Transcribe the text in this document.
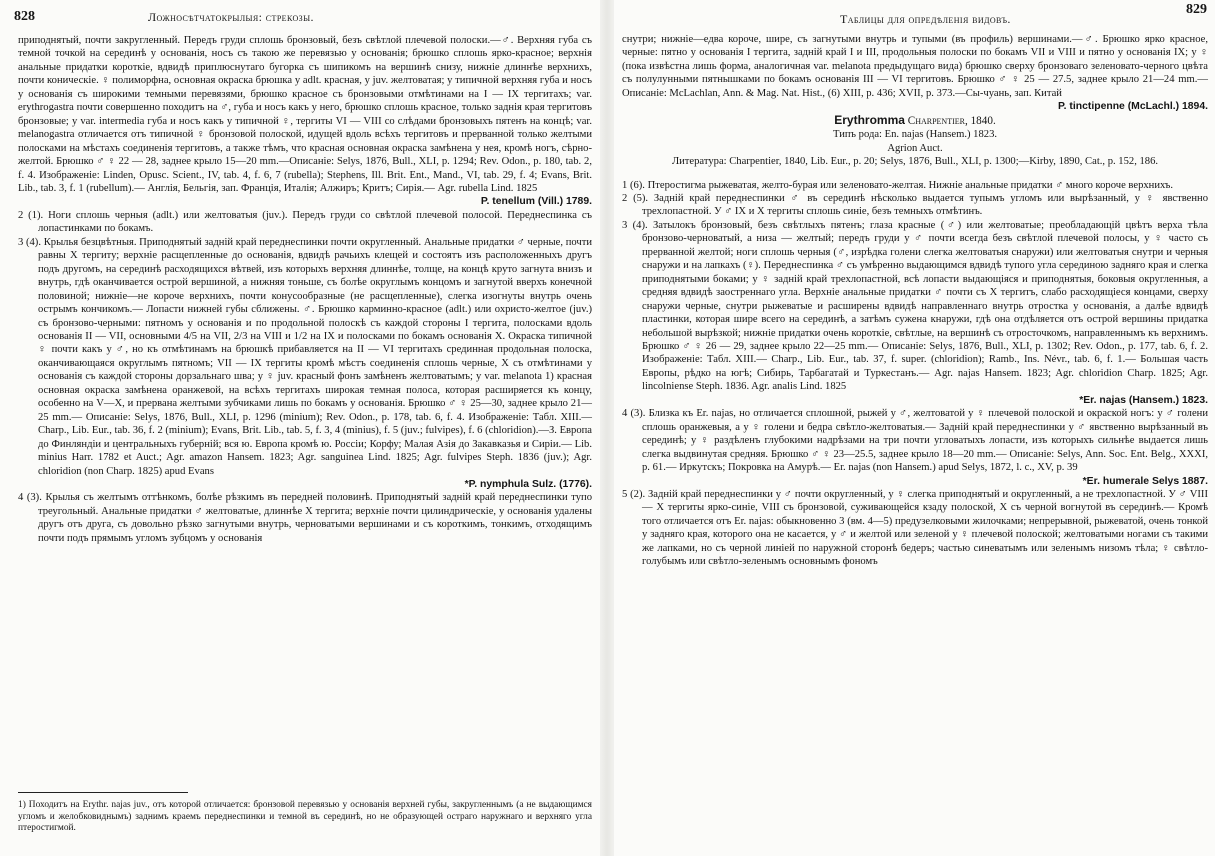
828	Ложносѣтчатокрылыя: стрекозы.

приподнятый, почти закругленный. Передъ груди сплошь бронзовый, безъ свѣтлой плечевой полоски.—♂. Верхняя губа съ темной точкой на серединѣ у основанія, носъ съ такою же перевязью у основанія; брюшко сплошь ярко-красное; верхнія анальные придатки короткіе, вдвидѣ приплюснутаго бугорка съ шипикомъ на вершинѣ снизу, нижніе длиннѣе верхнихъ, почти коническіе. ♀ полиморфна, основная окраска брюшка у adlt. красная, у juv. желтоватая; у типичной верхняя губа и носъ у основанія съ широкими темными перевязями, брюшко красное съ бронзовыми отмѣтинами на I — IX тергитахъ; var. erythrogastra почти совершенно походитъ на ♂, губа и носъ какъ у него, брюшко сплошь красное, только заднія края тергитовъ бронзовые; у var. intermedia губа и носъ какъ у типичной ♀, тергиты VI — VIII со слѣдами бронзовыхъ пятенъ на концѣ; var. melanogastra отличается отъ типичной ♀ бронзовой полоской, идущей вдоль всѣхъ тергитовъ и прерванной только желтыми полосками на мѣстахъ соединенія тергитовъ, а также тѣмъ, что красная основная окраска замѣнена у нея, кромѣ ногъ, сѣрно-желтой. Брюшко ♂ ♀ 22 — 28, заднее крыло 15—20 mm.—Описаніе: Selys, 1876, Bull., XLI, p. 1294; Rev. Odon., p. 180, tab. 2, f. 4. Изображеніе: Linden, Opusc. Scient., IV, tab. 4, f. 6, 7 (rubella); Stephens, Ill. Brit. Ent., Mand., VI, tab. 29, f. 4; Evans, Brit. Lib., tab. 3, f. 1 (rubellum).— Англія, Бельгія, зап. Франція, Италія; Алжиръ; Критъ; Сирія.— Agr. rubella Lind. 1825

P. tenellum (Vill.) 1789.

2 (1). Ноги сплошь черныя (adlt.) или желтоватыя (juv.). Передъ груди со свѣтлой плечевой полосой. Переднеспинка съ лопастинками по бокамъ.

3 (4). Крылья безцвѣтныя. Приподнятый задній край переднеспинки почти округленный. Анальные придатки ♂ черные, почти равны X тергиту; верхніе расщепленные до основанія, вдвидѣ рачьихъ клещей и состоятъ изъ расположенныхъ другъ подъ другомъ, на серединѣ расходящихся вѣтвей, изъ которыхъ верхняя длиннѣе, толще, на концѣ круто загнута внизъ и внутрь, гдѣ оканчивается острой вершиной, а нижняя тоньше, съ болѣе округлымъ концомъ и загнутой вверхъ конечной половиной; нижніе—не короче верхнихъ, почти конусообразные (не расщепленные), слегка изогнуты внутрь очень острымъ кончикомъ.— Лопасти нижней губы сближены. ♂. Брюшко карминно-красное (adlt.) или охристо-желтое (juv.) съ бронзово-черными: пятномъ у основанія и по продольной полоскѣ съ каждой стороны I тергита, полосками вдоль основанія II — VII, основными 4/5 на VII, 2/3 на VIII и 1/2 на IX и полосками по бокамъ основанія X. Окраска типичной ♀ почти какъ у ♂, но къ отмѣтинамъ на брюшкѣ прибавляется на II — VI тергитахъ срединная продольная полоска, оканчивающаяся округлымъ пятномъ; VII — IX тергиты кромѣ мѣстъ соединенія сплошь черные, X съ отмѣтинами у основанія съ каждой стороны дорзальнаго шва; у ♀ juv. красный фонъ замѣненъ желтоватымъ; у var. melanota 1) красная основная окраска замѣнена оранжевой, на всѣхъ тергитахъ широкая темная полоса, которая расширяется къ концу, особенно на V—X, и прервана желтыми зубчиками лишь по бокамъ у основанія. Брюшко ♂ ♀ 25—30, заднее крыло 21—25 mm.— Описаніе: Selys, 1876, Bull., XLI, p. 1296 (minium); Rev. Odon., p. 178, tab. 6, f. 4. Изображеніе: Табл. XIII.— Charp., Lib. Eur., tab. 36, f. 2 (minium); Evans, Brit. Lib., tab. 5, f. 3, 4 (minius), f. 5 (juv.; fulvipes), f. 6 (chloridion).—З. Европа до Финляндіи и центральныхъ губерній; вся ю. Европа кромѣ ю. Россіи; Корфу; Малая Азія до Закавказья и Сиріи.— Lib. minius Harr. 1782 et Auct.; Agr. amazon Hansem. 1823; Agr. sanguinea Lind. 1825; Agr. fulvipes Steph. 1836 (juv.); Agr. chloridion (non Charp. 1825) apud Evans

*P. nymphula Sulz. (1776).

4 (3). Крылья съ желтымъ оттѣнкомъ, болѣе рѣзкимъ въ передней половинѣ. Приподнятый задній край переднеспинки тупо треугольный. Анальные придатки ♂ желтоватые, длиннѣе X тергита; верхніе почти цилиндрическіе, у основанія удалены другъ отъ друга, съ довольно рѣзко загнутыми внутрь, черноватыми вершинами и съ короткимъ, тонкимъ, отходящимъ почти подъ прямымъ угломъ зубцомъ у основанія

1) Походитъ на Erythr. najas juv., отъ которой отличается: бронзовой перевязью у основанія верхней губы, закругленнымъ (а не выдающимся угломъ и желобковиднымъ) заднимъ краемъ переднеспинки и темной въ серединѣ, но не образующей остраго наружнаго и верхняго угла птеростигмой.

Таблицы для опредѣленія видовъ.
829

снутри; нижніе—едва короче, шире, съ загнутыми внутрь и тупыми (въ профиль) вершинами.—♂. Брюшко ярко красное, черные: пятно у основанія I тергита, задній край I и III, продольныя полоски по бокамъ VII и VIII и пятно у основанія IX; у ♀ (пока извѣстна лишь форма, аналогичная var. melanota предыдущаго вида) брюшко сверху бронзоваго зеленовато-черного цвѣта съ полулунными пятнышками по бокамъ основанія III — VI тергитовъ. Брюшко ♂ ♀ 25 — 27.5, заднее крыло 21—24 mm.— Описаніе: McLachlan, Ann. & Mag. Nat. Hist., (6) XIII, p. 436; XVII, p. 373.—Сы-чуань, зап. Китай

P. tinctipenne (McLachl.) 1894.

Erythromma Charpentier, 1840.

Типъ рода: En. najas (Hansem.) 1823.

Agrion Auct.

Литература: Charpentier, 1840, Lib. Eur., p. 20; Selys, 1876, Bull., XLI, p. 1300;—Kirby, 1890, Cat., p. 152, 186.

1 (6). Птеростигма рыжеватая, желто-бурая или зеленовато-желтая. Нижніе анальные придатки ♂ много короче верхнихъ.

2 (5). Задній край переднеспинки ♂ въ серединѣ нѣсколько выдается тупымъ угломъ или вырѣзанный, у ♀ явственно трехлопастной. У ♂ IX и X тергиты сплошь синіе, безъ темныхъ отмѣтинъ.

3 (4). Затылокъ бронзовый, безъ свѣтлыхъ пятенъ; глаза красные (♂) или желтоватые; преобладающій цвѣтъ верха тѣла бронзово-черноватый, а низа — желтый; передъ груди у ♂ почти всегда безъ свѣтлой плечевой полосы, у ♀ часто съ прерванной желтой; ноги сплошь черныя (♂, изрѣдка голени слегка желтоватыя снаружи) или желтоватыя снутри и черныя снаружи и на лапкахъ (♀). Переднеспинка ♂ съ умѣренно выдающимся вдвидѣ тупого угла серединою задняго края и слегка приподнятыми боками; у ♀ задній край трехлопастной, всѣ лопасти выдающіяся и приподнятыя, боковыя округленныя, а средняя вдвидѣ заостреннаго угла. Верхніе анальные придатки ♂ почти съ X тергитъ, слабо расходящіеся концами, сверху снаружи черные, снутри рыжеватые и расширены вдвидѣ направленнаго внутрь отростка у основанія, а далѣе вдвидѣ пластинки, которая шире всего на серединѣ, а затѣмъ сужена кнаружи, гдѣ она отдѣляется отъ острой вершины придатка небольшой вырѣзкой; нижніе придатки очень короткіе, свѣтлые, на вершинѣ съ отросточкомъ, направленнымъ къ верхнимъ. Брюшко ♂ ♀ 26 — 29, заднее крыло 22—25 mm.— Описаніе: Selys, 1876, Bull., XLI, p. 1302; Rev. Odon., p. 177, tab. 6, f. 2. Изображеніе: Табл. XIII.— Charp., Lib. Eur., tab. 37, f. super. (chloridion); Ramb., Ins. Névr., tab. 6, f. 1.— Большая часть Европы, рѣдко на югѣ; Сибирь, Тарбагатай и Туркестанъ.— Agr. najas Hansem. 1823; Agr. chloridion Charp. 1825; Agr. lincolniense Steph. 1836. Agr. analis Lind. 1825

*Er. najas (Hansem.) 1823.

4 (3). Близка къ Er. najas, но отличается сплошной, рыжей у ♂, желтоватой у ♀ плечевой полоской и окраской ногъ: у ♂ голени сплошь оранжевыя, а у ♀ голени и бедра свѣтло-желтоватыя.— Задній край переднеспинки у ♂ явственно вырѣзанный въ серединѣ; у ♀ раздѣленъ глубокими надрѣзами на три почти угловатыхъ лопасти, изъ которыхъ сильнѣе выдается лишь слегка выдвинутая средняя. Брюшко ♂ ♀ 23—25.5, заднее крыло 18—20 mm.— Описаніе: Selys, Ann. Soc. Ent. Belg., XXXI, p. 61.— Иркутскъ; Покровка на Амурѣ.— Er. najas (non Hansem.) apud Selys, 1872, l. c., XV, p. 39

*Er. humerale Selys 1887.

5 (2). Задній край переднеспинки у ♂ почти округленный, у ♀ слегка приподнятый и округленный, а не трехлопастной. У ♂ VIII — X тергиты ярко-синіе, VIII съ бронзовой, суживающейся кзаду полоской, X съ черной вогнутой въ серединѣ.— Кромѣ того отличается отъ Er. najas: обыкновенно 3 (вм. 4—5) предузелковыми жилочками; непрерывной, рыжеватой, очень тонкой у задняго края, которого она не касается, у ♂ и желтой или зеленой у ♀ плечевой полоской; желтоватыми ногами съ такими же лапками, но съ черной линіей по наружной сторонѣ бедеръ; частью синеватымъ или зеленымъ низомъ тѣла; ♀ свѣтло-голубымъ или свѣтло-зеленымъ основнымъ фономъ
